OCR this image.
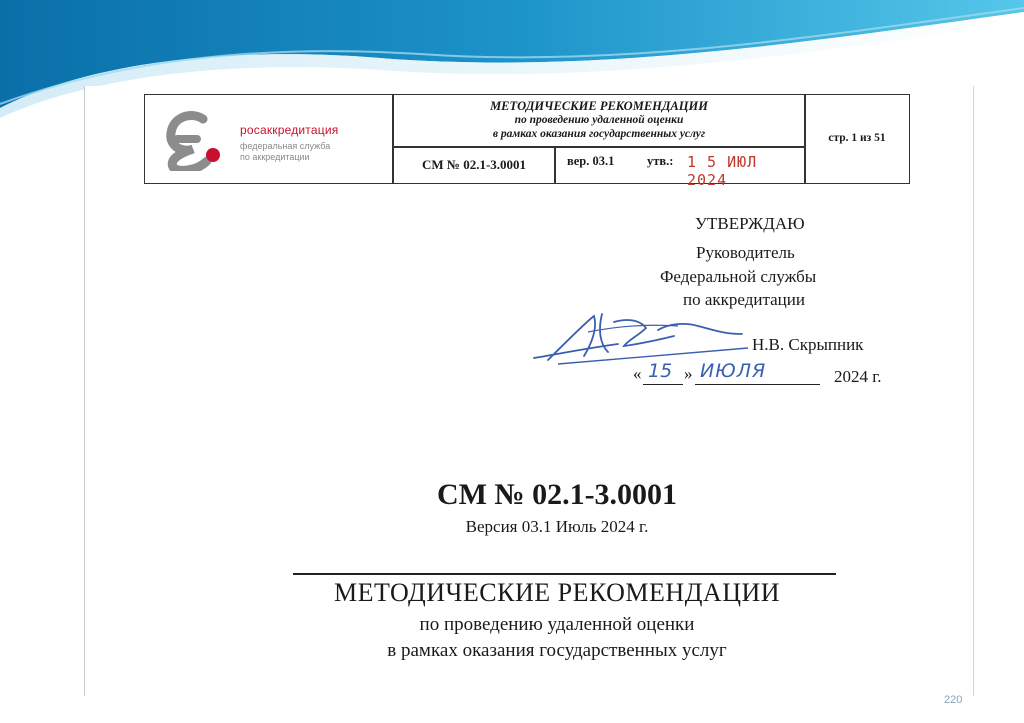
росаккредитация
федеральная служба
по аккредитации
МЕТОДИЧЕСКИЕ РЕКОМЕНДАЦИИ
по проведению удаленной оценки
в рамках оказания государственных услуг
СМ № 02.1-3.0001	вер. 03.1	утв.: 1 5 ИЮЛ 2024
стр. 1 из 51
УТВЕРЖДАЮ
Руководитель
Федеральной службы
по аккредитации
Н.В. Скрыпник
« 15 » ИЮЛЯ	2024 г.
СМ № 02.1-3.0001
Версия 03.1 Июль 2024 г.
МЕТОДИЧЕСКИЕ РЕКОМЕНДАЦИИ
по проведению удаленной оценки
в рамках оказания государственных услуг
220
